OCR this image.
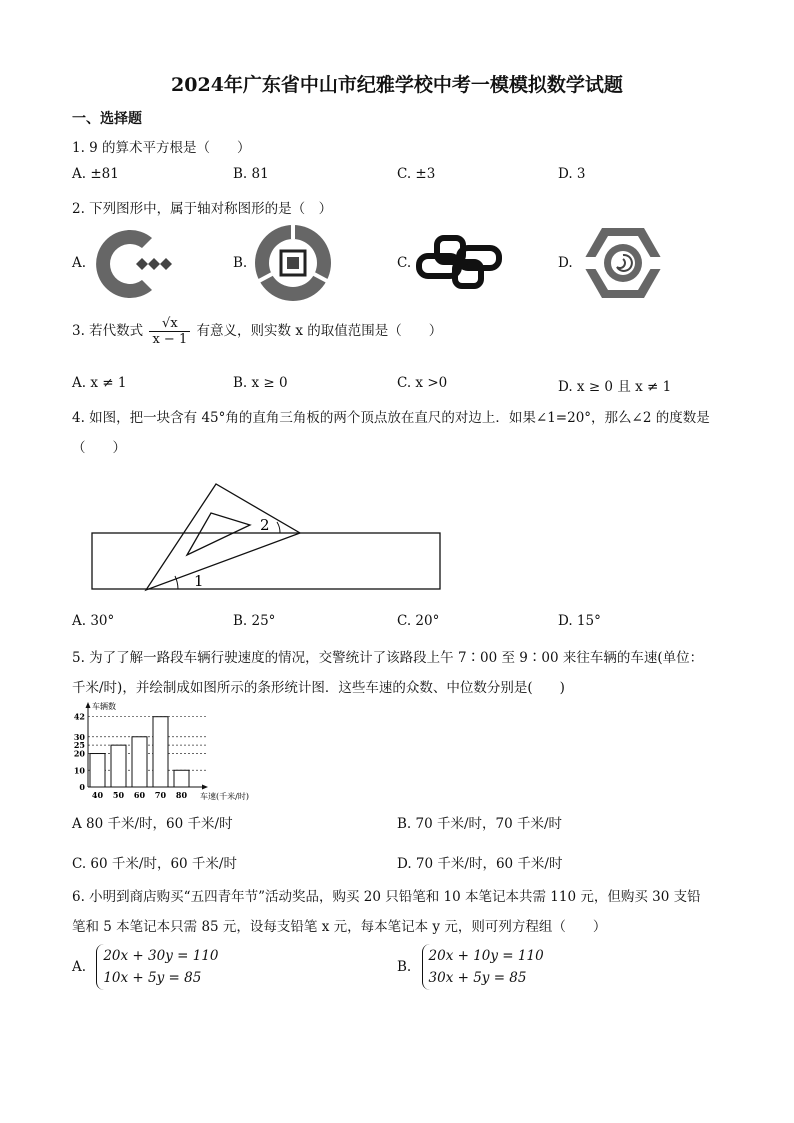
2024年广东省中山市纪雅学校中考一模模拟数学试题
一、选择题
1. 9 的算术平方根是（　　）
A. ±81	B. 81	C. ±3	D. 3
2. 下列图形中，属于轴对称图形的是（　）
A.	B.	C.	D.
3. 若代数式 $\frac{√x}{x - 1}$ 有意义，则实数 x 的取值范围是（　　）
A. x ≠ 1	B. x ≥ 0	C. x >0	D. x ≥ 0 且 x ≠ 1
4. 如图，把一块含有 45°角的直角三角板的两个顶点放在直尺的对边上．如果∠1=20°，那么∠2 的度数是
（　　）
1
2
A. 30°	B. 25°	C. 20°	D. 15°
5. 为了了解一路段车辆行驶速度的情况，交警统计了该路段上午 7∶00 至 9∶00 来往车辆的车速(单位：
千米/时)，并绘制成如图所示的条形统计图．这些车速的众数、中位数分别是(　　)
0
10
20
25
30
42
40 50 60 70 80
车辆数
车速(千米/时)
A 80 千米/时，60 千米/时	B. 70 千米/时，70 千米/时
C. 60 千米/时，60 千米/时	D. 70 千米/时，60 千米/时
6. 小明到商店购买“五四青年节”活动奖品，购买 20 只铅笔和 10 本笔记本共需 110 元，但购买 30 支铅
笔和 5 本笔记本只需 85 元，设每支铅笔 x 元，每本笔记本 y 元，则可列方程组（　　）
A.
20x + 30y = 110
10x + 5y = 85
B.
20x + 10y = 110
30x + 5y = 85
